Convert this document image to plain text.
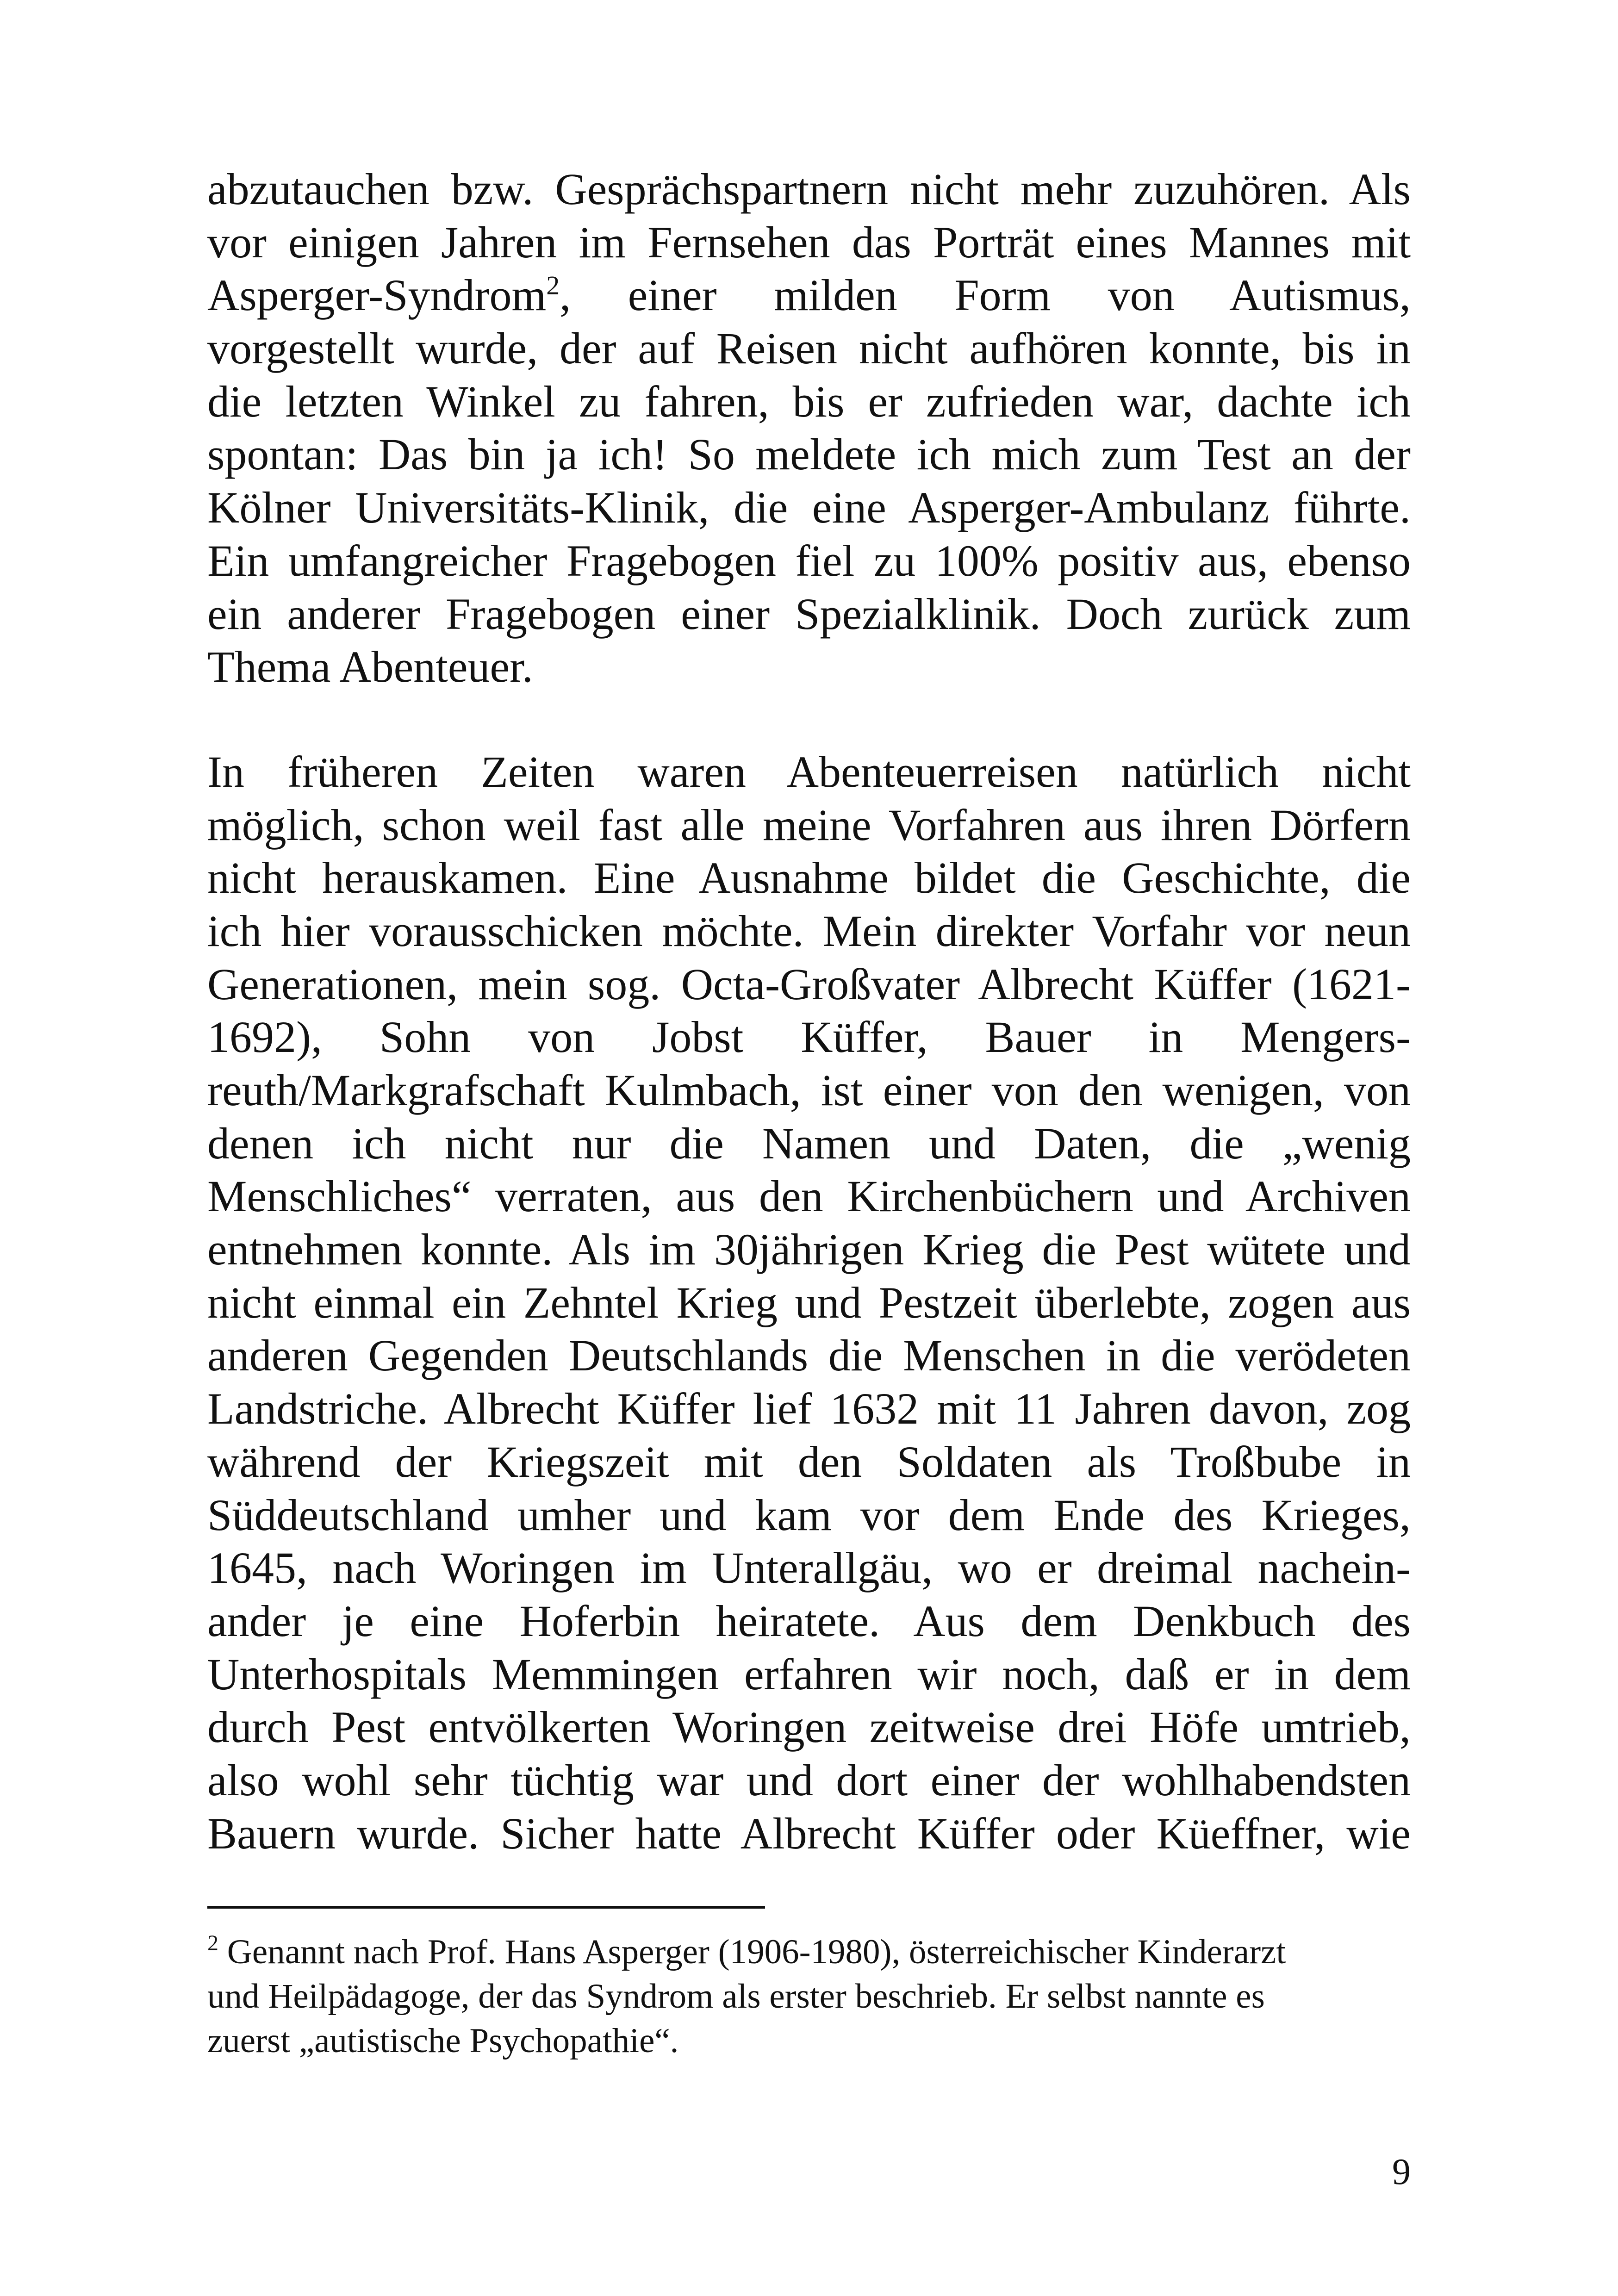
abzutauchen bzw. Gesprächspartnern nicht mehr zuzuhören. Als
vor einigen Jahren im Fernsehen das Porträt eines Mannes mit
Asperger-Syndrom$^2$, einer milden Form von Autismus,
vorgestellt wurde, der auf Reisen nicht aufhören konnte, bis in
die letzten Winkel zu fahren, bis er zufrieden war, dachte ich
spontan: Das bin ja ich! So meldete ich mich zum Test an der
Kölner Universitäts-Klinik, die eine Asperger-Ambulanz führte.
Ein umfangreicher Fragebogen fiel zu 100% positiv aus, ebenso
ein anderer Fragebogen einer Spezialklinik. Doch zurück zum
Thema Abenteuer.
In früheren Zeiten waren Abenteuerreisen natürlich nicht
möglich, schon weil fast alle meine Vorfahren aus ihren Dörfern
nicht herauskamen. Eine Ausnahme bildet die Geschichte, die
ich hier vorausschicken möchte. Mein direkter Vorfahr vor neun
Generationen, mein sog. Octa-Großvater Albrecht Küffer (1621-
1692), Sohn von Jobst Küffer, Bauer in Mengers-
reuth/Markgrafschaft Kulmbach, ist einer von den wenigen, von
denen ich nicht nur die Namen und Daten, die „wenig
Menschliches“ verraten, aus den Kirchenbüchern und Archiven
entnehmen konnte. Als im 30jährigen Krieg die Pest wütete und
nicht einmal ein Zehntel Krieg und Pestzeit überlebte, zogen aus
anderen Gegenden Deutschlands die Menschen in die verödeten
Landstriche. Albrecht Küffer lief 1632 mit 11 Jahren davon, zog
während der Kriegszeit mit den Soldaten als Troßbube in
Süddeutschland umher und kam vor dem Ende des Krieges,
1645, nach Woringen im Unterallgäu, wo er dreimal nachein-
ander je eine Hoferbin heiratete. Aus dem Denkbuch des
Unterhospitals Memmingen erfahren wir noch, daß er in dem
durch Pest entvölkerten Woringen zeitweise drei Höfe umtrieb,
also wohl sehr tüchtig war und dort einer der wohlhabendsten
Bauern wurde. Sicher hatte Albrecht Küffer oder Küeffner, wie
$^2$ Genannt nach Prof. Hans Asperger (1906-1980), österreichischer Kinderarzt
und Heilpädagoge, der das Syndrom als erster beschrieb. Er selbst nannte es
zuerst „autistische Psychopathie“.
9
